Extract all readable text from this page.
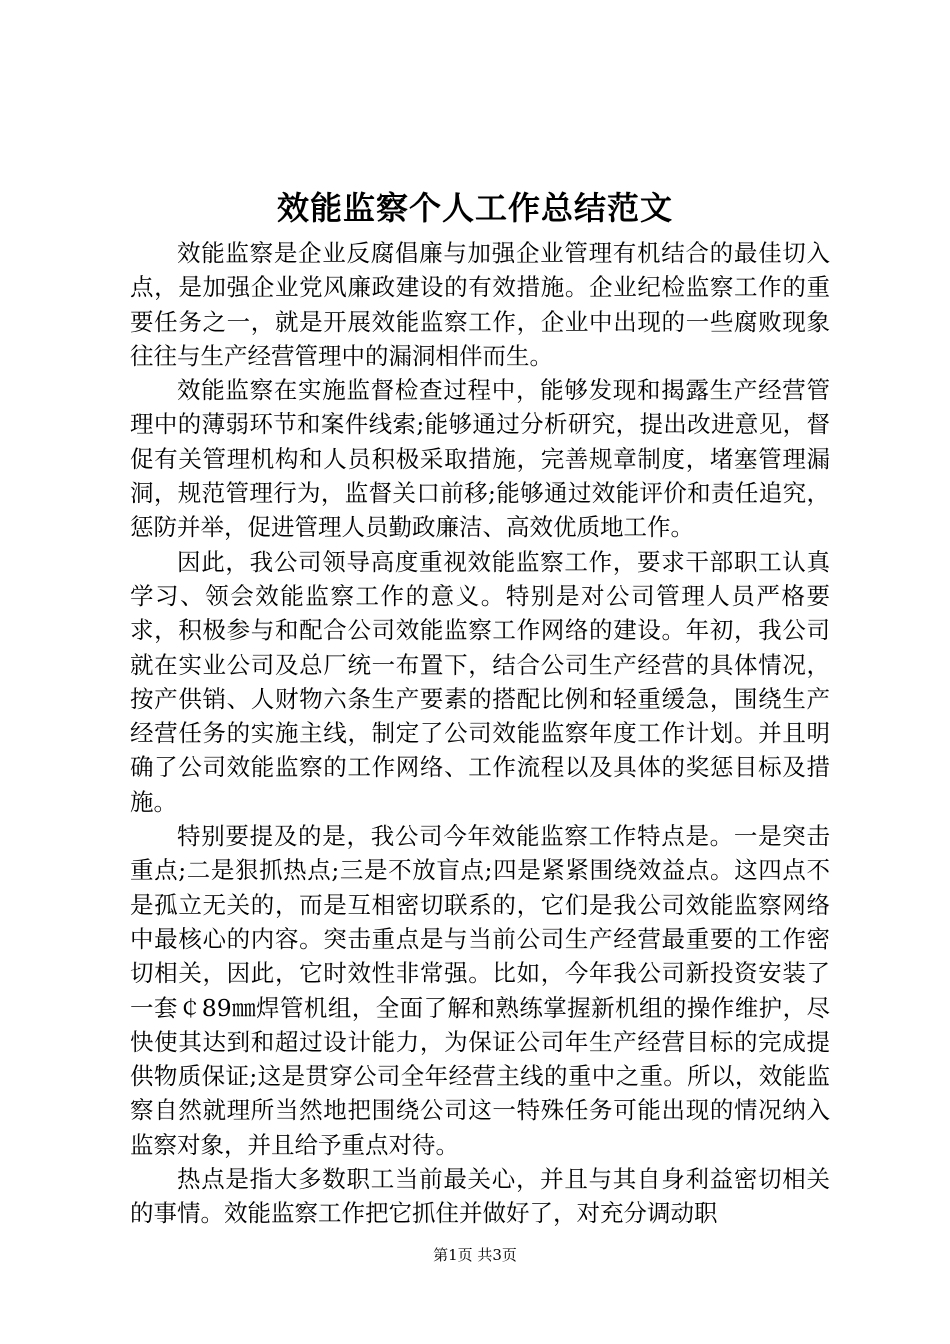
效能监察个人工作总结范文

效能监察是企业反腐倡廉与加强企业管理有机结合的最佳切入点，是加强企业党风廉政建设的有效措施。企业纪检监察工作的重要任务之一，就是开展效能监察工作，企业中出现的一些腐败现象往往与生产经营管理中的漏洞相伴而生。

效能监察在实施监督检查过程中，能够发现和揭露生产经营管理中的薄弱环节和案件线索;能够通过分析研究，提出改进意见，督促有关管理机构和人员积极采取措施，完善规章制度，堵塞管理漏洞，规范管理行为，监督关口前移;能够通过效能评价和责任追究，惩防并举，促进管理人员勤政廉洁、高效优质地工作。

因此，我公司领导高度重视效能监察工作，要求干部职工认真学习、领会效能监察工作的意义。特别是对公司管理人员严格要求，积极参与和配合公司效能监察工作网络的建设。年初，我公司就在实业公司及总厂统一布置下，结合公司生产经营的具体情况，按产供销、人财物六条生产要素的搭配比例和轻重缓急，围绕生产经营任务的实施主线，制定了公司效能监察年度工作计划。并且明确了公司效能监察的工作网络、工作流程以及具体的奖惩目标及措施。

特别要提及的是，我公司今年效能监察工作特点是。一是突击重点;二是狠抓热点;三是不放盲点;四是紧紧围绕效益点。这四点不是孤立无关的，而是互相密切联系的，它们是我公司效能监察网络中最核心的内容。突击重点是与当前公司生产经营最重要的工作密切相关，因此，它时效性非常强。比如，今年我公司新投资安装了一套￠89㎜焊管机组，全面了解和熟练掌握新机组的操作维护，尽快使其达到和超过设计能力，为保证公司年生产经营目标的完成提供物质保证;这是贯穿公司全年经营主线的重中之重。所以，效能监察自然就理所当然地把围绕公司这一特殊任务可能出现的情况纳入监察对象，并且给予重点对待。

热点是指大多数职工当前最关心，并且与其自身利益密切相关的事情。效能监察工作把它抓住并做好了，对充分调动职

第1页 共3页
